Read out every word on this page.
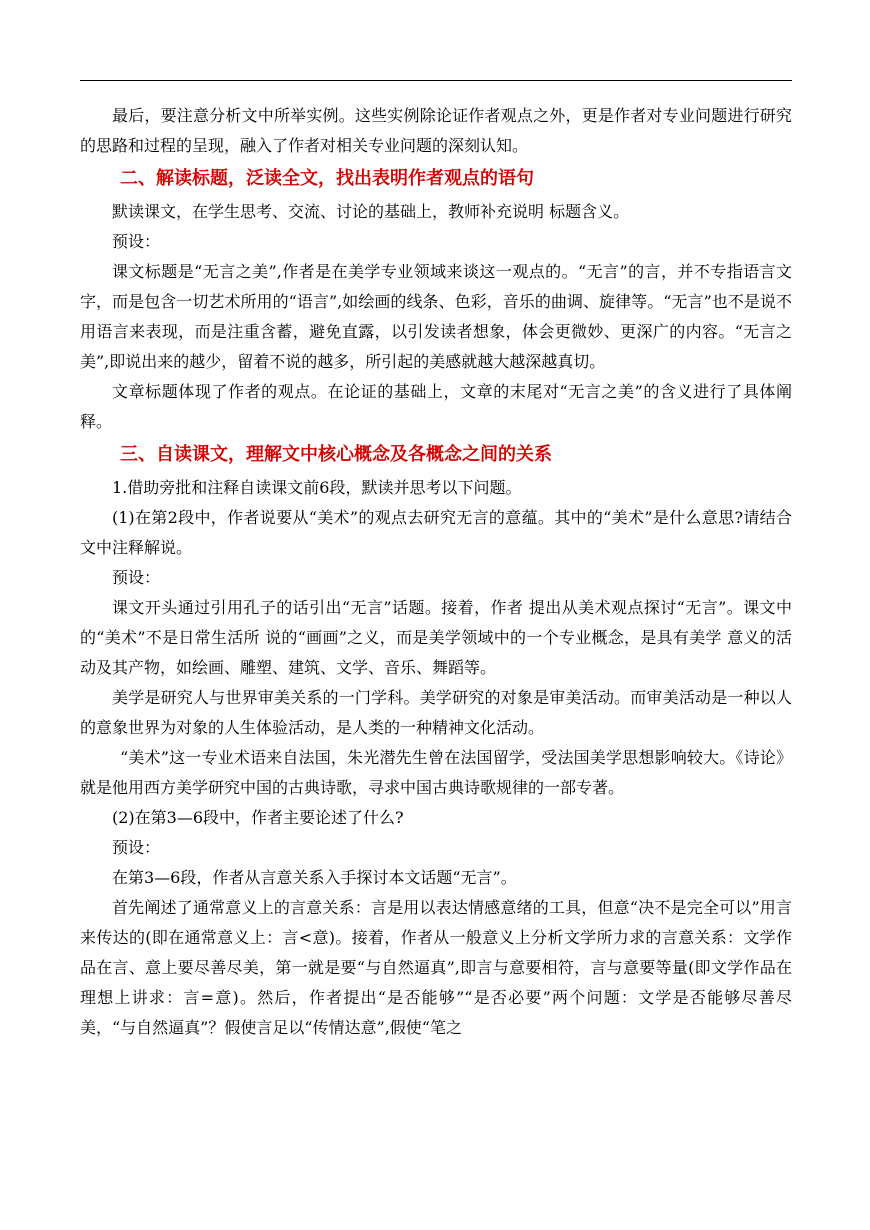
最后，要注意分析文中所举实例。这些实例除论证作者观点之外，更是作者对专业问题进行研究的思路和过程的呈现，融入了作者对相关专业问题的深刻认知。

二、解读标题，泛读全文，找出表明作者观点的语句

默读课文，在学生思考、交流、讨论的基础上，教师补充说明 标题含义。

预设：

课文标题是“无言之美”,作者是在美学专业领域来谈这一观点的。“无言”的言，并不专指语言文字，而是包含一切艺术所用的“语言”,如绘画的线条、色彩，音乐的曲调、旋律等。“无言”也不是说不用语言来表现，而是注重含蓄，避免直露，以引发读者想象，体会更微妙、更深广的内容。“无言之美”,即说出来的越少，留着不说的越多，所引起的美感就越大越深越真切。

文章标题体现了作者的观点。在论证的基础上，文章的末尾对“无言之美”的含义进行了具体阐释。

三、自读课文，理解文中核心概念及各概念之间的关系

1.借助旁批和注释自读课文前6段，默读并思考以下问题。

(1)在第2段中，作者说要从“美术”的观点去研究无言的意蕴。其中的“美术”是什么意思?请结合文中注释解说。

预设：

课文开头通过引用孔子的话引出“无言”话题。接着，作者 提出从美术观点探讨“无言”。课文中的“美术”不是日常生活所 说的“画画”之义，而是美学领域中的一个专业概念，是具有美学 意义的活动及其产物，如绘画、雕塑、建筑、文学、音乐、舞蹈等。

美学是研究人与世界审美关系的一门学科。美学研究的对象是审美活动。而审美活动是一种以人的意象世界为对象的人生体验活动，是人类的一种精神文化活动。

“美术”这一专业术语来自法国，朱光潜先生曾在法国留学，受法国美学思想影响较大。《诗论》就是他用西方美学研究中国的古典诗歌，寻求中国古典诗歌规律的一部专著。

(2)在第3—6段中，作者主要论述了什么?

预设：

在第3—6段，作者从言意关系入手探讨本文话题“无言”。

首先阐述了通常意义上的言意关系：言是用以表达情感意绪的工具，但意“决不是完全可以”用言来传达的(即在通常意义上：言<意)。接着，作者从一般意义上分析文学所力求的言意关系：文学作品在言、意上要尽善尽美，第一就是要“与自然逼真”,即言与意要相符，言与意要等量(即文学作品在理想上讲求：言=意)。然后，作者提出“是否能够”“是否必要”两个问题：文学是否能够尽善尽美，“与自然逼真”？假使言足以“传情达意”,假使“笔之
